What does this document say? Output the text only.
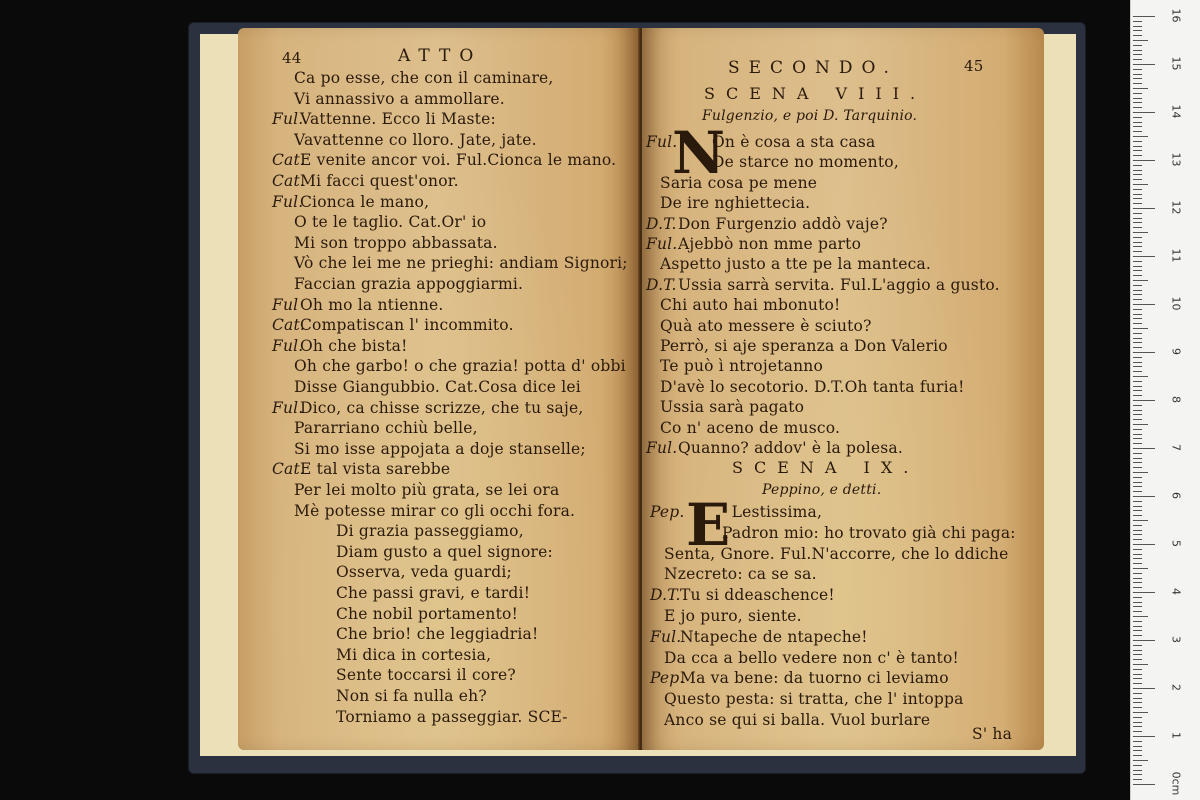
44	ATTO
Ca po esse, che con il caminare,
Vi annassivo a ammollare.
Ful.
Vattenne. Ecco li Maste:
Vavattenne co lloro. Jate, jate.
Cat.
E venite ancor voi. Ful.Cionca le mano.
Cat.
Mi facci quest'onor.
Ful.
Cionca le mano,
O te le taglio. Cat.Or' io
Mi son troppo abbassata.
Vò che lei me ne prieghi: andiam Signori;
Faccian grazia appoggiarmi.
Ful Oh mo la ntienne.
Cat.
Compatiscan l' incommito.
Ful.
Oh che bista!
Oh che garbo! o che grazia! potta d' obbi
Disse Giangubbio. Cat.Cosa dice lei
Ful.
Dico, ca chisse scrizze, che tu saje,
Pararriano cchiù belle,
Si mo isse appojata a doje stanselle;
Cat.
E tal vista sarebbe
Per lei molto più grata, se lei ora
Mè potesse mirar co gli occhi fora.
Di grazia passeggiamo,
Diam gusto a quel signore:
Osserva, veda guardi;
Che passi gravi, e tardi!
Che nobil portamento!
Che brio! che leggiadria!
Mi dica in cortesia,
Sente toccarsi il core?
Non si fa nulla eh?
Torniamo a passeggiar. SCE-
SECONDO.	45
SCENA VIII.
Fulgenzio, e poi D. Tarquinio.
N
Ful. On è cosa a sta casa
De starce no momento,
Saria cosa pe mene
De ire nghiettecia.
D.T. Don Furgenzio addò vaje?
Ful. Ajebbò non mme parto
Aspetto justo a tte pe la manteca.
D.T. Ussia sarrà servita. Ful.L'aggio a gusto.
Chi auto hai mbonuto!
Quà ato messere è sciuto?
Perrò, si aje speranza a Don Valerio
Te può ì ntrojetanno
D'avè lo secotorio. D.T.Oh tanta furia!
Ussia sarà pagato
Co n' aceno de musco.
Ful. Quanno? addov' è la polesa.
SCENA IX.
Peppino, e detti.
E
Pep. ' Lestissima,
Padron mio: ho trovato già chi paga:
Senta, Gnore. Ful.N'accorre, che lo ddiche
Nzecreto: ca se sa.
D.T. Tu si ddeaschence!
E jo puro, siente.
Ful.
Ntapeche de ntapeche!
Da cca a bello vedere non c' è tanto!
Pep.
Ma va bene: da tuorno ci leviamo
Questo pesta: si tratta, che l' intoppa
Anco se qui si balla. Vuol burlare
S' ha
0cm
1
2
3
4
5
6
7
8
9
10
11
12
13
14
15
16
